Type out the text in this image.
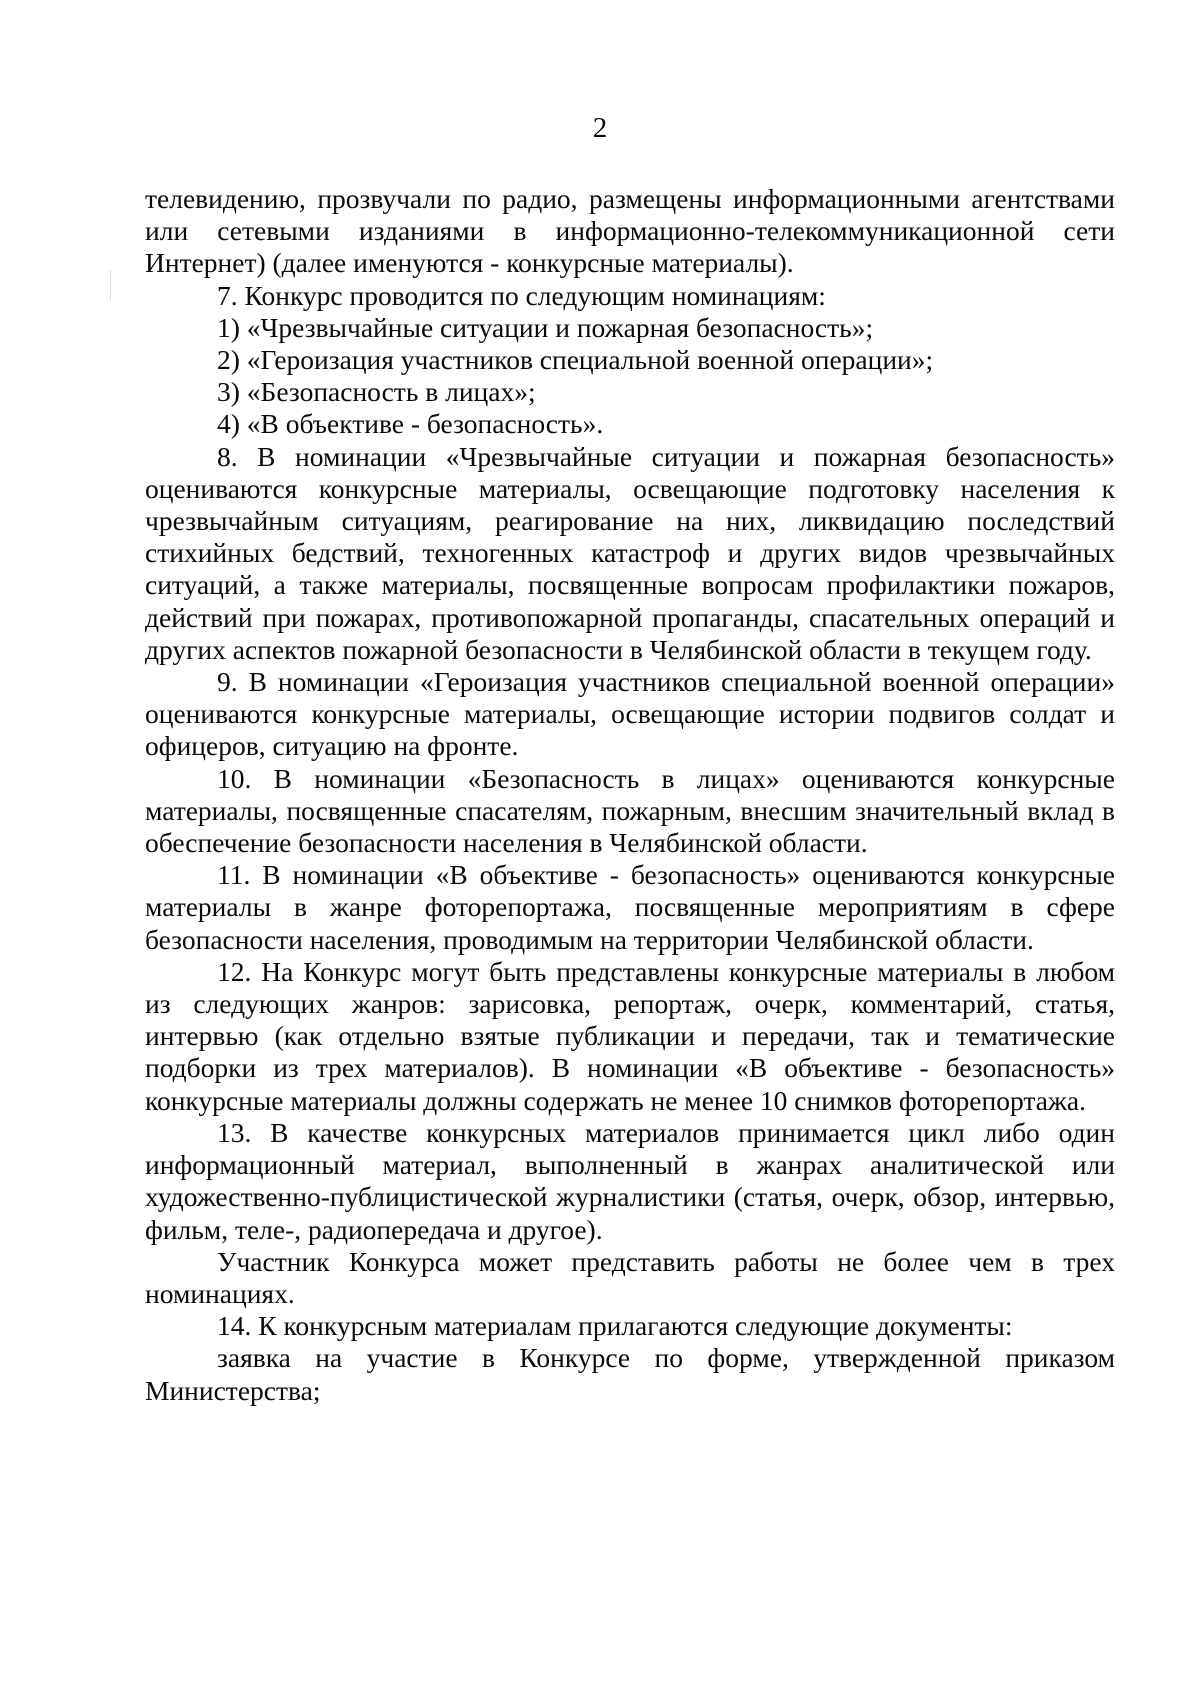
2

телевидению, прозвучали по радио, размещены информационными агентствами или сетевыми изданиями в информационно-телекоммуникационной сети Интернет) (далее именуются - конкурсные материалы).

7. Конкурс проводится по следующим номинациям:

1) «Чрезвычайные ситуации и пожарная безопасность»;

2) «Героизация участников специальной военной операции»;

3) «Безопасность в лицах»;

4) «В объективе - безопасность».

8. В номинации «Чрезвычайные ситуации и пожарная безопасность» оцениваются конкурсные материалы, освещающие подготовку населения к чрезвычайным ситуациям, реагирование на них, ликвидацию последствий стихийных бедствий, техногенных катастроф и других видов чрезвычайных ситуаций, а также материалы, посвященные вопросам профилактики пожаров, действий при пожарах, противопожарной пропаганды, спасательных операций и других аспектов пожарной безопасности в Челябинской области в текущем году.

9. В номинации «Героизация участников специальной военной операции» оцениваются конкурсные материалы, освещающие истории подвигов солдат и офицеров, ситуацию на фронте.

10. В номинации «Безопасность в лицах» оцениваются конкурсные материалы, посвященные спасателям, пожарным, внесшим значительный вклад в обеспечение безопасности населения в Челябинской области.

11. В номинации «В объективе - безопасность» оцениваются конкурсные материалы в жанре фоторепортажа, посвященные мероприятиям в сфере безопасности населения, проводимым на территории Челябинской области.

12. На Конкурс могут быть представлены конкурсные материалы в любом из следующих жанров: зарисовка, репортаж, очерк, комментарий, статья, интервью (как отдельно взятые публикации и передачи, так и тематические подборки из трех материалов). В номинации «В объективе - безопасность» конкурсные материалы должны содержать не менее 10 снимков фоторепортажа.

13. В качестве конкурсных материалов принимается цикл либо один информационный материал, выполненный в жанрах аналитической или художественно-публицистической журналистики (статья, очерк, обзор, интервью, фильм, теле-, радиопередача и другое).

Участник Конкурса может представить работы не более чем в трех номинациях.

14. К конкурсным материалам прилагаются следующие документы:

заявка на участие в Конкурсе по форме, утвержденной приказом Министерства;
